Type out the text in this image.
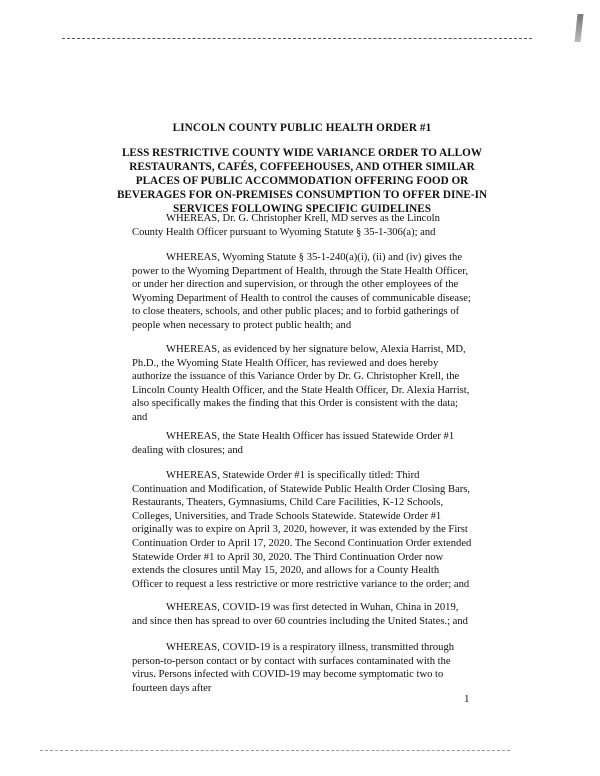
LINCOLN COUNTY PUBLIC HEALTH ORDER #1
LESS RESTRICTIVE COUNTY WIDE VARIANCE ORDER TO ALLOW RESTAURANTS, CAFÉS, COFFEEHOUSES, AND OTHER SIMILAR PLACES OF PUBLIC ACCOMMODATION OFFERING FOOD OR BEVERAGES FOR ON-PREMISES CONSUMPTION TO OFFER DINE-IN SERVICES FOLLOWING SPECIFIC GUIDELINES
WHEREAS, Dr. G. Christopher Krell, MD serves as the Lincoln County Health Officer pursuant to Wyoming Statute § 35-1-306(a); and
WHEREAS, Wyoming Statute § 35-1-240(a)(i), (ii) and (iv) gives the power to the Wyoming Department of Health, through the State Health Officer, or under her direction and supervision, or through the other employees of the Wyoming Department of Health to control the causes of communicable disease; to close theaters, schools, and other public places; and to forbid gatherings of people when necessary to protect public health; and
WHEREAS, as evidenced by her signature below, Alexia Harrist, MD, Ph.D., the Wyoming State Health Officer, has reviewed and does hereby authorize the issuance of this Variance Order by Dr. G. Christopher Krell, the Lincoln County Health Officer, and the State Health Officer, Dr. Alexia Harrist, also specifically makes the finding that this Order is consistent with the data; and
WHEREAS, the State Health Officer has issued Statewide Order #1 dealing with closures; and
WHEREAS, Statewide Order #1 is specifically titled: Third Continuation and Modification, of Statewide Public Health Order Closing Bars, Restaurants, Theaters, Gymnasiums, Child Care Facilities, K-12 Schools, Colleges, Universities, and Trade Schools Statewide. Statewide Order #1 originally was to expire on April 3, 2020, however, it was extended by the First Continuation Order to April 17, 2020. The Second Continuation Order extended Statewide Order #1 to April 30, 2020. The Third Continuation Order now extends the closures until May 15, 2020, and allows for a County Health Officer to request a less restrictive or more restrictive variance to the order; and
WHEREAS, COVID-19 was first detected in Wuhan, China in 2019, and since then has spread to over 60 countries including the United States.; and
WHEREAS, COVID-19 is a respiratory illness, transmitted through person-to-person contact or by contact with surfaces contaminated with the virus. Persons infected with COVID-19 may become symptomatic two to fourteen days after
1
